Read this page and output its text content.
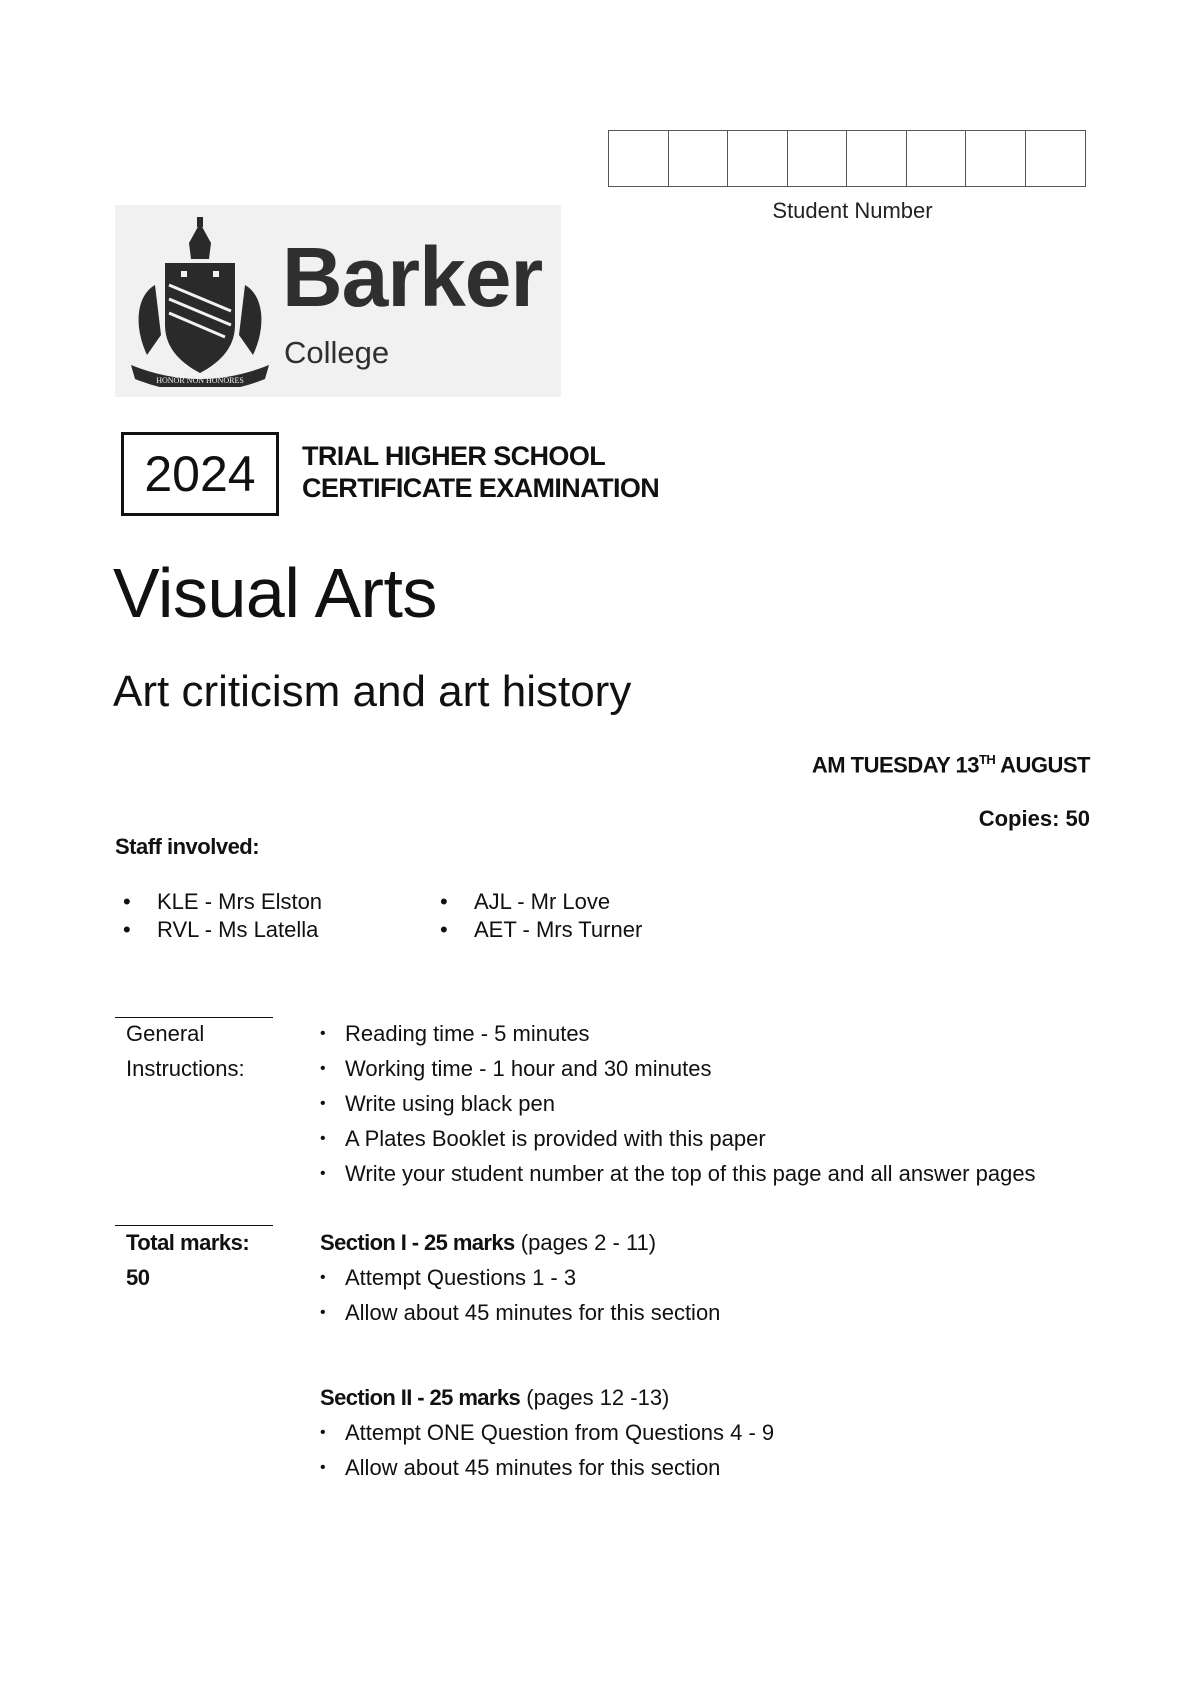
Student Number
HONOR NON HONORES
Barker
College
2024	TRIAL HIGHER SCHOOL
CERTIFICATE EXAMINATION
Visual Arts
Art criticism and art history
AM TUESDAY 13TH AUGUST
Copies: 50
Staff involved:
• KLE - Mrs Elston
• RVL - Ms Latella
• AJL - Mr Love
• AET - Mrs Turner
General
Instructions:
• Reading time - 5 minutes
• Working time - 1 hour and 30 minutes
• Write using black pen
• A Plates Booklet is provided with this paper
• Write your student number at the top of this page and all answer pages
Total marks:
50
Section I - 25 marks (pages 2 - 11)
• Attempt Questions 1 - 3
• Allow about 45 minutes for this section
Section II - 25 marks (pages 12 -13)
• Attempt ONE Question from Questions 4 - 9
• Allow about 45 minutes for this section
